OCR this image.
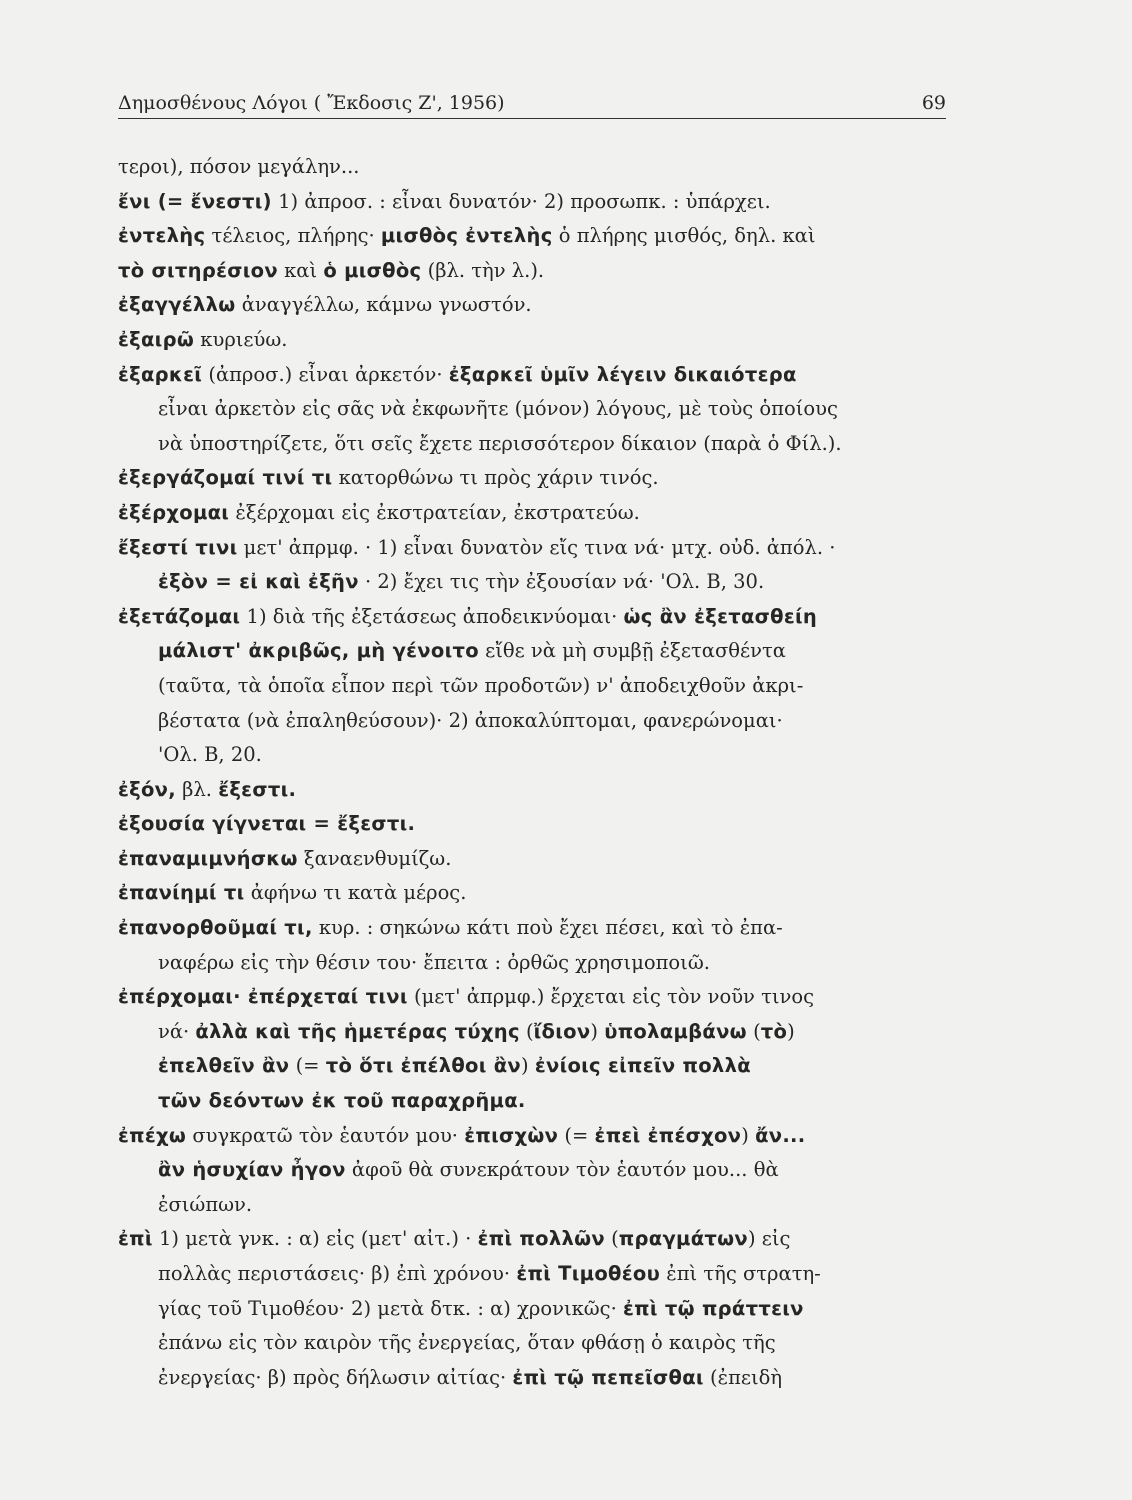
Δημοσθένους Λόγοι ( Ἔκδοσις Ζ', 1956)	69
τεροι), πόσον μεγάλην...
ἔνι (= ἔνεστι) 1) ἀπροσ. : εἶναι δυνατόν· 2) προσωπκ. : ὑπάρχει.
ἐντελὴς τέλειος, πλήρης· μισθὸς ἐντελὴς ὁ πλήρης μισθός, δηλ. καὶ
τὸ σιτηρέσιον καὶ ὁ μισθὸς (βλ. τὴν λ.).
ἐξαγγέλλω ἀναγγέλλω, κάμνω γνωστόν.
ἐξαιρῶ κυριεύω.
ἐξαρκεῖ (ἀπροσ.) εἶναι ἀρκετόν· ἐξαρκεῖ ὑμῖν λέγειν δικαιότερα
εἶναι ἀρκετὸν εἰς σᾶς νὰ ἐκφωνῆτε (μόνον) λόγους, μὲ τοὺς ὁποίους
νὰ ὑποστηρίζετε, ὅτι σεῖς ἔχετε περισσότερον δίκαιον (παρὰ ὁ Φίλ.).
ἐξεργάζομαί τινί τι κατορθώνω τι πρὸς χάριν τινός.
ἐξέρχομαι ἐξέρχομαι εἰς ἐκστρατείαν, ἐκστρατεύω.
ἔξεστί τινι μετ' ἀπρμφ. · 1) εἶναι δυνατὸν εἴς τινα νά· μτχ. οὐδ. ἀπόλ. ·
ἐξὸν = εἰ καὶ ἐξῆν · 2) ἔχει τις τὴν ἐξουσίαν νά· 'Ολ. Β, 30.
ἐξετάζομαι 1) διὰ τῆς ἐξετάσεως ἀποδεικνύομαι· ὡς ἂν ἐξετασθείη
μάλιστ' ἀκριβῶς, μὴ γένοιτο εἴθε νὰ μὴ συμβῇ ἐξετασθέντα
(ταῦτα, τὰ ὁποῖα εἶπον περὶ τῶν προδοτῶν) ν' ἀποδειχθοῦν ἀκρι-
βέστατα (νὰ ἐπαληθεύσουν)· 2) ἀποκαλύπτομαι, φανερώνομαι·
'Ολ. Β, 20.
ἐξόν, βλ. ἔξεστι.
ἐξουσία γίγνεται = ἔξεστι.
ἐπαναμιμνήσκω ξαναενθυμίζω.
ἐπανίημί τι ἀφήνω τι κατὰ μέρος.
ἐπανορθοῦμαί τι, κυρ. : σηκώνω κάτι ποὺ ἔχει πέσει, καὶ τὸ ἐπα-
ναφέρω εἰς τὴν θέσιν του· ἔπειτα : ὀρθῶς χρησιμοποιῶ.
ἐπέρχομαι· ἐπέρχεταί τινι (μετ' ἀπρμφ.) ἔρχεται εἰς τὸν νοῦν τινος
νά· ἀλλὰ καὶ τῆς ἡμετέρας τύχης (ἴδιον) ὑπολαμβάνω (τὸ)
ἐπελθεῖν ἂν (= τὸ ὅτι ἐπέλθοι ἂν) ἐνίοις εἰπεῖν πολλὰ
τῶν δεόντων ἐκ τοῦ παραχρῆμα.
ἐπέχω συγκρατῶ τὸν ἑαυτόν μου· ἐπισχὼν (= ἐπεὶ ἐπέσχον) ἄν...
ἂν ἡσυχίαν ἦγον ἀφοῦ θὰ συνεκράτουν τὸν ἑαυτόν μου... θὰ
ἐσιώπων.
ἐπὶ 1) μετὰ γνκ. : α) εἰς (μετ' αἰτ.) · ἐπὶ πολλῶν (πραγμάτων) εἰς
πολλὰς περιστάσεις· β) ἐπὶ χρόνου· ἐπὶ Τιμοθέου ἐπὶ τῆς στρατη-
γίας τοῦ Τιμοθέου· 2) μετὰ δτκ. : α) χρονικῶς· ἐπὶ τῷ πράττειν
ἐπάνω εἰς τὸν καιρὸν τῆς ἐνεργείας, ὅταν φθάσῃ ὁ καιρὸς τῆς
ἐνεργείας· β) πρὸς δήλωσιν αἰτίας· ἐπὶ τῷ πεπεῖσθαι (ἐπειδὴ
